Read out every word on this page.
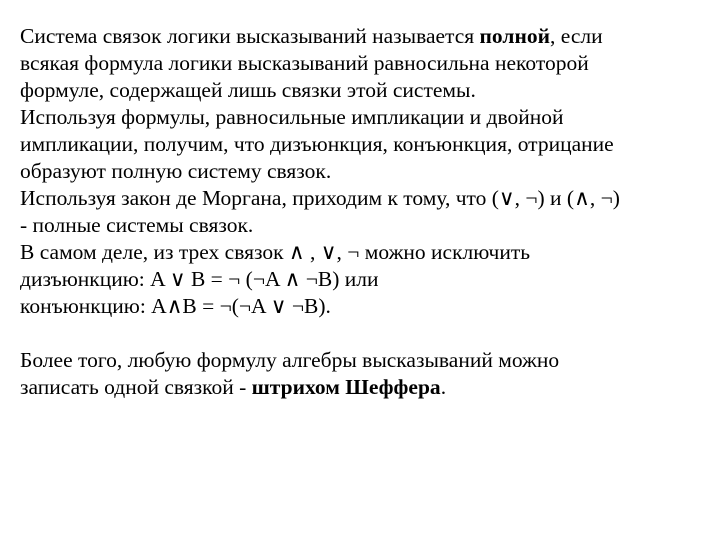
Система связок логики высказываний называется полной, если
всякая формула логики высказываний равносильна некоторой
формуле, содержащей лишь связки этой системы.
Используя формулы, равносильные импликации и двойной
импликации, получим, что дизъюнкция, конъюнкция, отрицание
образуют полную систему связок.
Используя закон де Моргана, приходим к тому, что (∨, ¬) и (∧, ¬)
- полные системы связок.
В самом деле, из трех связок ∧ , ∨, ¬ можно исключить
дизъюнкцию: A ∨ B = ¬ (¬A ∧ ¬B) или
конъюнкцию: A∧B = ¬(¬A ∨ ¬B).
Более того, любую формулу алгебры высказываний можно
записать одной связкой - штрихом Шеффера.
